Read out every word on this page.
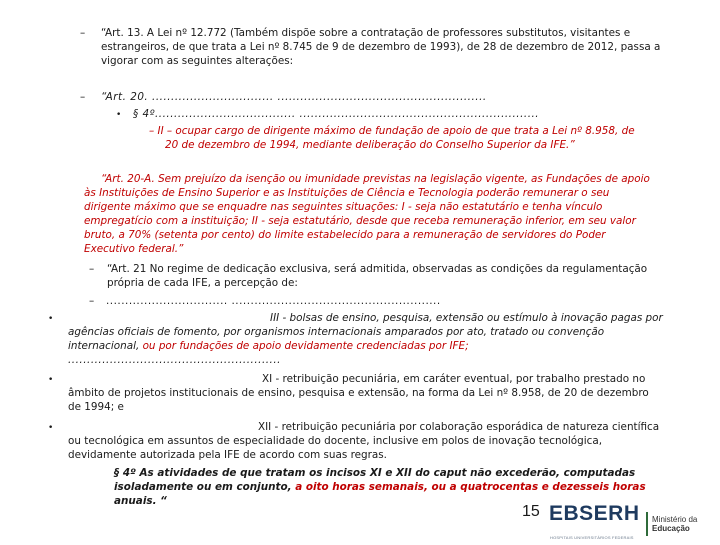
– “Art. 13. A Lei nº 12.772 (Também dispõe sobre a contratação de professores substitutos, visitantes e
estrangeiros, de que trata a Lei nº 8.745 de 9 de dezembro de 1993), de 28 de dezembro de 2012, passa a
vigorar com as seguintes alterações:
– “Art. 20. ................................ .......................................................
• § 4º..................................... ...............................................................
– II – ocupar cargo de dirigente máximo de fundação de apoio de que trata a Lei nº 8.958, de
20 de dezembro de 1994, mediante deliberação do Conselho Superior da IFE.”
“Art. 20-A. Sem prejuízo da isenção ou imunidade previstas na legislação vigente, as Fundações de apoio
às Instituições de Ensino Superior e as Instituições de Ciência e Tecnologia poderão remunerar o seu
dirigente máximo que se enquadre nas seguintes situações: I - seja não estatutário e tenha vínculo
empregatício com a instituição; II - seja estatutário, desde que receba remuneração inferior, em seu valor
bruto, a 70% (setenta por cento) do limite estabelecido para a remuneração de servidores do Poder
Executivo federal.”
– “Art. 21 No regime de dedicação exclusiva, será admitida, observadas as condições da regulamentação
própria de cada IFE, a percepção de:
– ................................ .......................................................
•	III - bolsas de ensino, pesquisa, extensão ou estímulo à inovação pagas por
agências oficiais de fomento, por organismos internacionais amparados por ato, tratado ou convenção
internacional, ou por fundações de apoio devidamente credenciadas por IFE;
........................................................
•	XI - retribuição pecuniária, em caráter eventual, por trabalho prestado no
âmbito de projetos institucionais de ensino, pesquisa e extensão, na forma da Lei nº 8.958, de 20 de dezembro
de 1994; e
•	XII - retribuição pecuniária por colaboração esporádica de natureza científica
ou tecnológica em assuntos de especialidade do docente, inclusive em polos de inovação tecnológica,
devidamente autorizada pela IFE de acordo com suas regras.
§ 4º As atividades de que tratam os incisos XI e XII do caput não excederão, computadas
isoladamente ou em conjunto, a oito horas semanais, ou a quatrocentas e dezesseis horas
anuais. “
15 EBSERH
HOSPITAIS UNIVERSITÁRIOS FEDERAIS
Ministério da
Educação
